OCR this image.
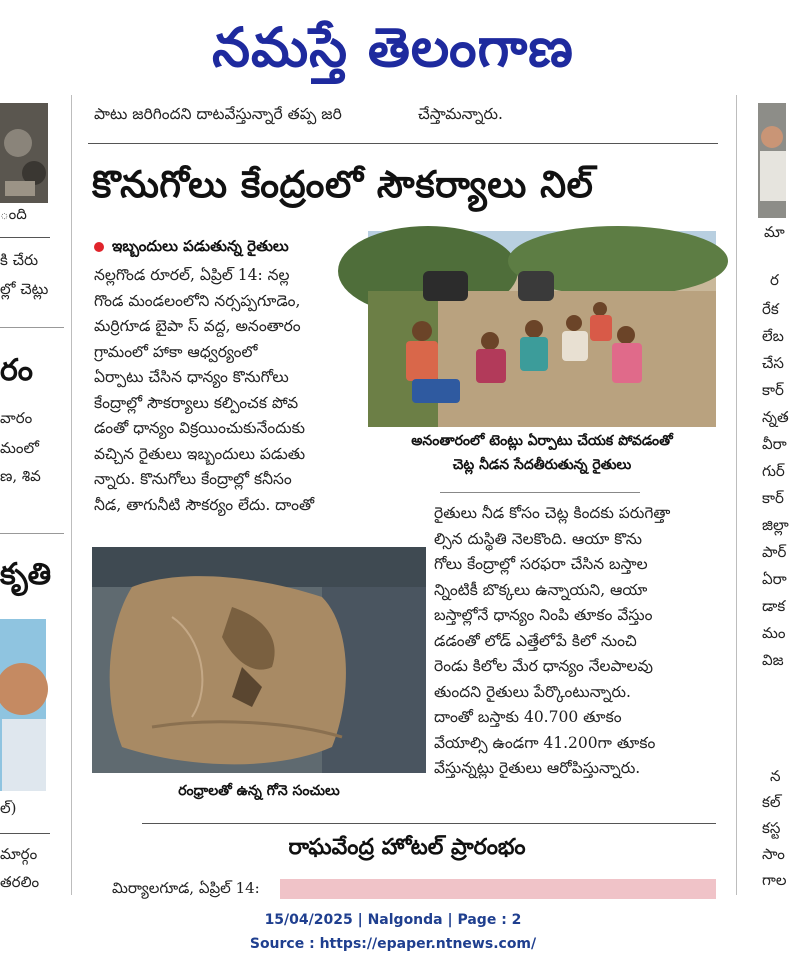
నమస్తే తెలంగాణ
ంది
కి చేరు
ల్లో చెట్లు
రం
వారం
మంలో
ణ, శివ
కృతి
ల్)
మార్గం
తరలిం
పాటు జరిగిందని దాటవేస్తున్నారే తప్ప జరి	చేస్తామన్నారు.
కొనుగోలు కేంద్రంలో సౌకర్యాలు నిల్
ఇబ్బందులు పడుతున్న రైతులు
నల్లగొండ రూరల్, ఏప్రిల్ 14: నల్ల
గొండ మండలంలోని నర్సప్పగూడెం,
మర్రిగూడ బైపా స్ వద్ద, అనంతారం
గ్రామంలో హాకా ఆధ్వర్యంలో
ఏర్పాటు చేసిన ధాన్యం కొనుగోలు
కేంద్రాల్లో సౌకర్యాలు కల్పించక పోవ
డంతో ధాన్యం విక్రయించుకునేందుకు
వచ్చిన రైతులు ఇబ్బందులు పడుతు
న్నారు. కొనుగోలు కేంద్రాల్లో కనీసం
నీడ, తాగునీటి సౌకర్యం లేదు. దాంతో
అనంతారంలో టెంట్లు ఏర్పాటు చేయక పోవడంతో
చెట్ల నీడన సేదతీరుతున్న రైతులు
రంధ్రాలతో ఉన్న గోనె సంచులు
రైతులు నీడ కోసం చెట్ల కిందకు పరుగెత్తా
ల్సిన దుస్థితి నెలకొంది. ఆయా కొను
గోలు కేంద్రాల్లో సరఫరా చేసిన బస్తాల
న్నింటికీ బొక్కలు ఉన్నాయని, ఆయా
బస్తాల్లోనే ధాన్యం నింపి తూకం వేస్తుం
డడంతో లోడ్ ఎత్తేలోపే కిలో నుంచి
రెండు కిలోల మేర ధాన్యం నేలపాలవు
తుందని రైతులు పేర్కొంటున్నారు.
దాంతో బస్తాకు 40.700 తూకం
వేయాల్సి ఉండగా 41.200గా తూకం
వేస్తున్నట్లు రైతులు ఆరోపిస్తున్నారు.
రాఘవేంద్ర హోటల్ ప్రారంభం
మిర్యాలగూడ, ఏప్రిల్ 14:
మా
ర
రేక
లేబ
చేస
కార్
న్నత
వీరా
గుర్
కార్
జిల్లా
పార్
ఏరా
డాక
మం
విజ
న
కల్
కస్ట
సాం
గాల
15/04/2025 | Nalgonda | Page : 2
Source : https://epaper.ntnews.com/
